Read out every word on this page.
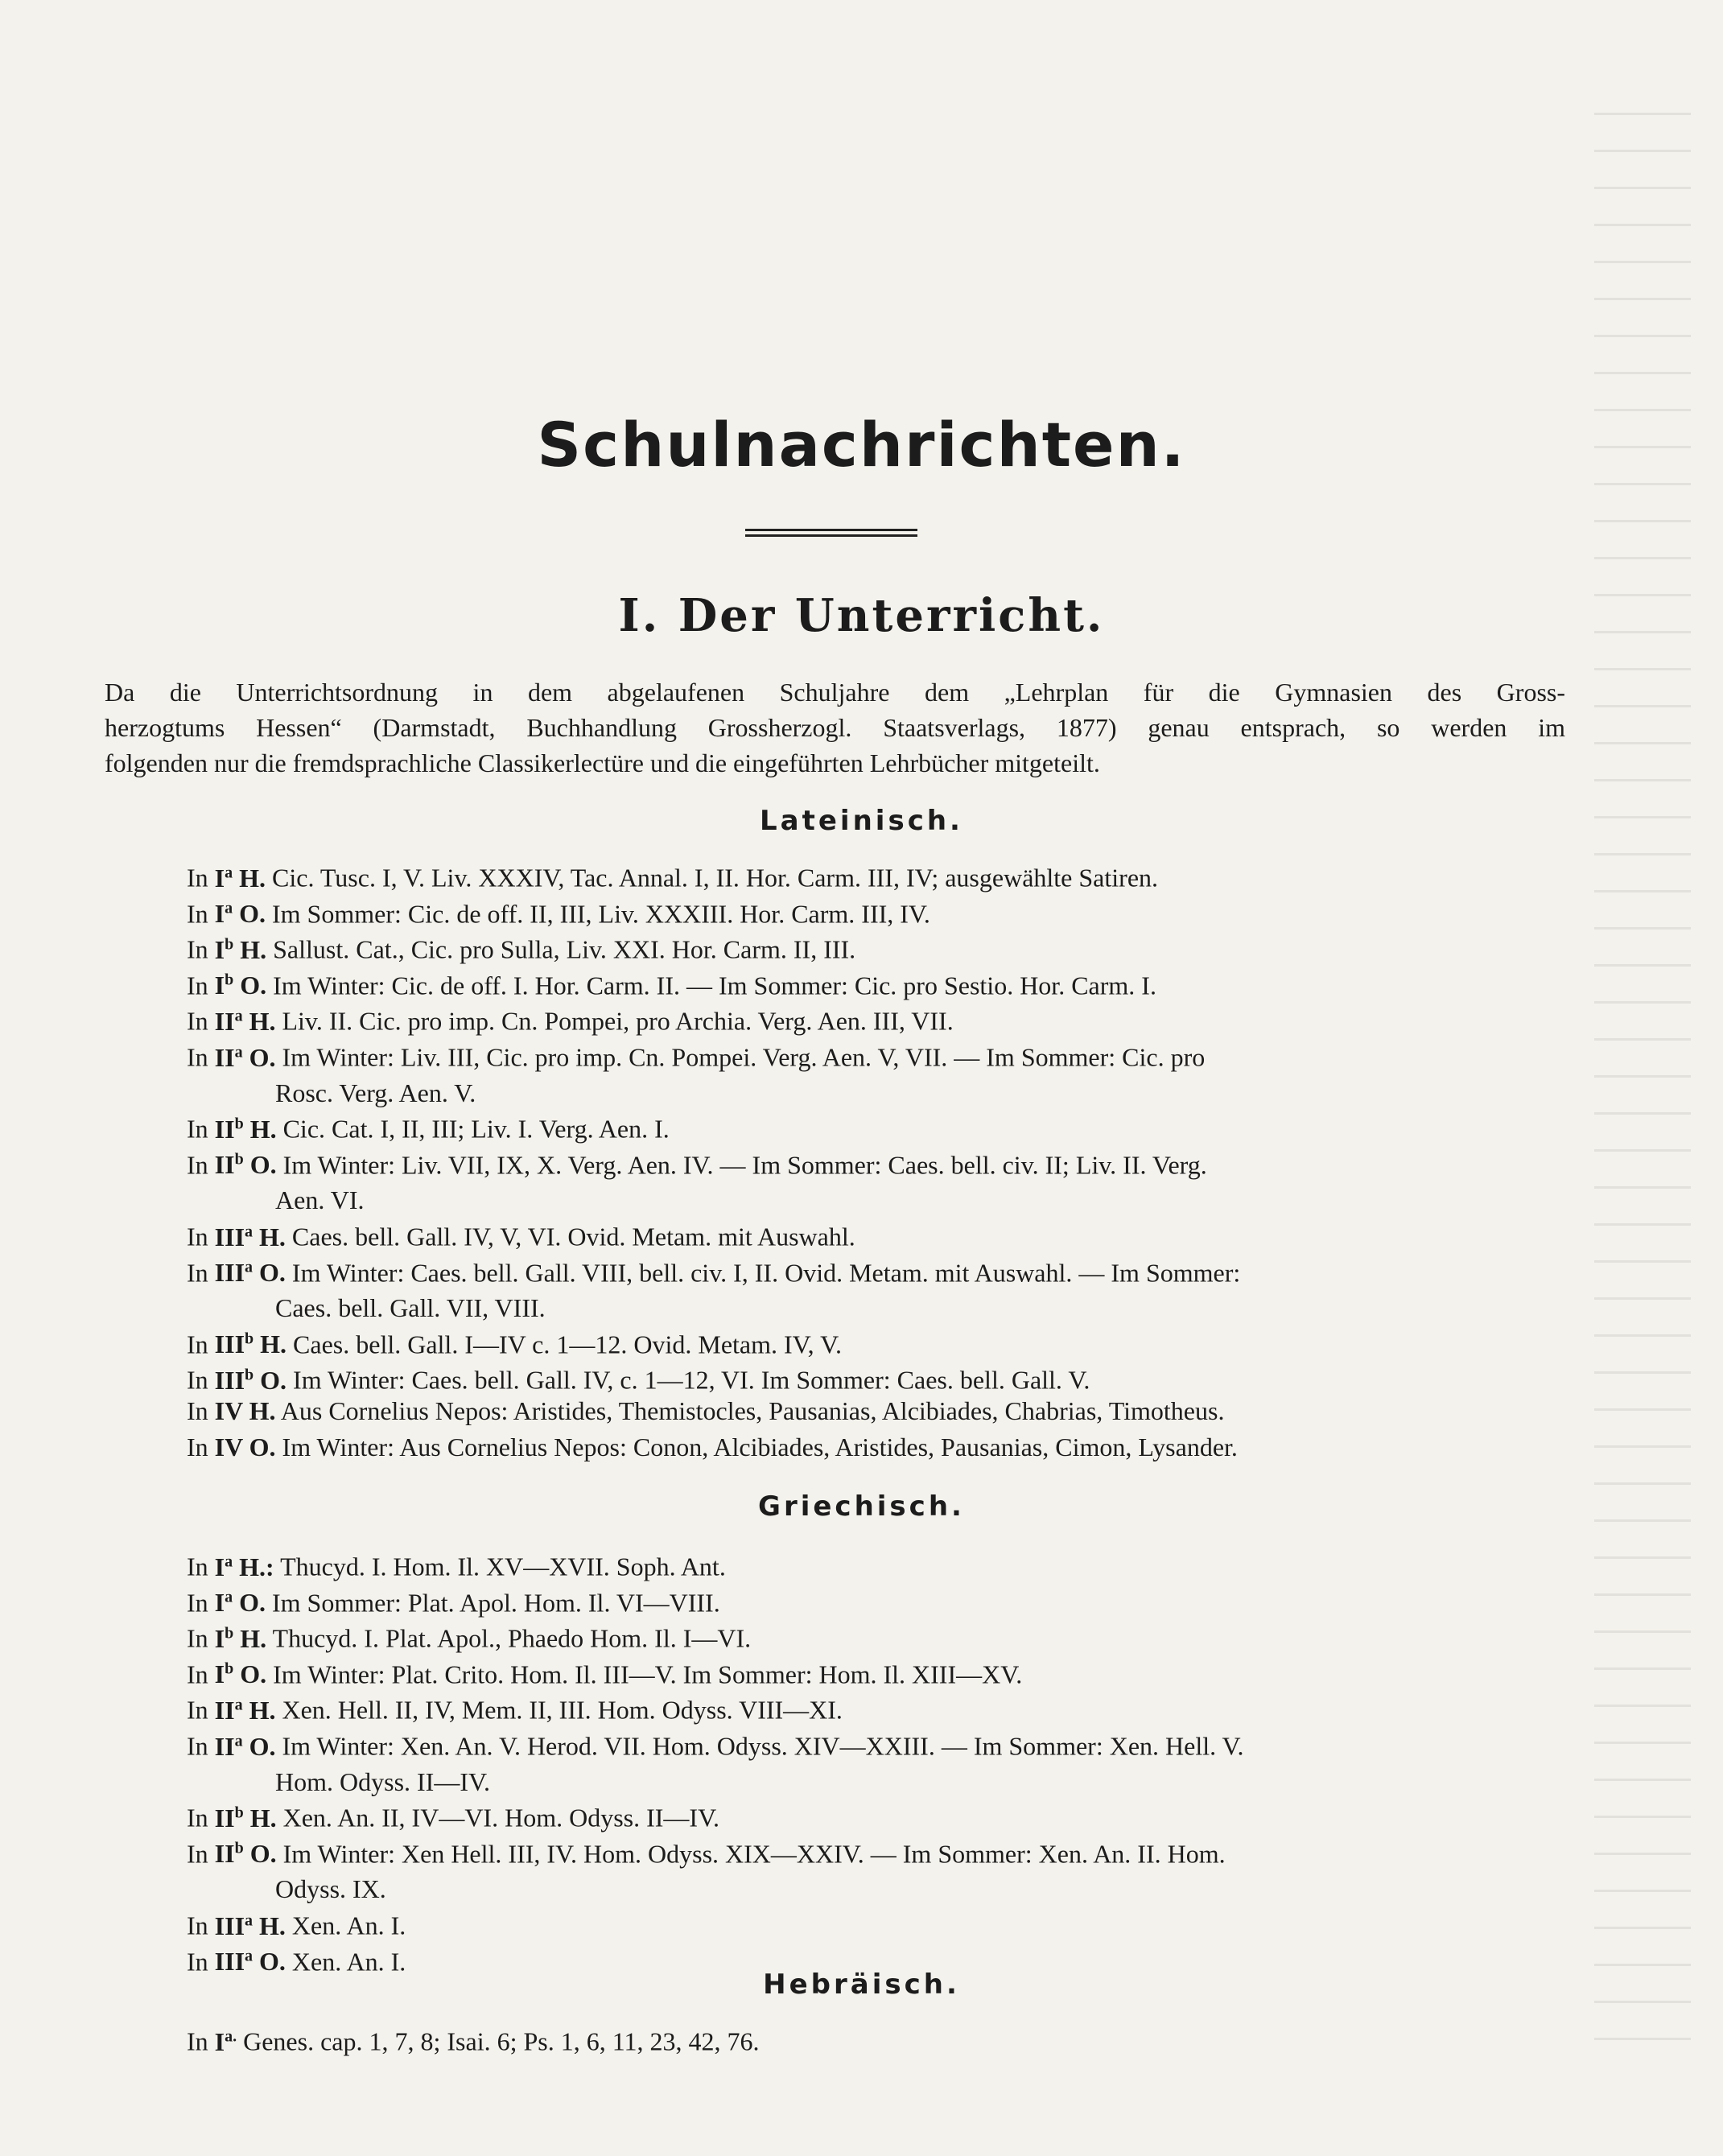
Schulnachrichten.
I. Der Unterricht.

Da die Unterrichtsordnung in dem abgelaufenen Schuljahre dem „Lehrplan für die Gymnasien des Gross-
herzogtums Hessen“ (Darmstadt, Buchhandlung Grossherzogl. Staatsverlags, 1877) genau entsprach, so werden im
folgenden nur die fremdsprachliche Classikerlectüre und die eingeführten Lehrbücher mitgeteilt.

Lateinisch.
In $I^a$ H. Cic. Tusc. I, V. Liv. XXXIV, Tac. Annal. I, II. Hor. Carm. III, IV; ausgewählte Satiren.
In $I^a$ O. Im Sommer: Cic. de off. II, III, Liv. XXXIII. Hor. Carm. III, IV.
In $I^b$ H. Sallust. Cat., Cic. pro Sulla, Liv. XXI. Hor. Carm. II, III.
In $I^b$ O. Im Winter: Cic. de off. I. Hor. Carm. II. — Im Sommer: Cic. pro Sestio. Hor. Carm. I.
In $II^a$ H. Liv. II. Cic. pro imp. Cn. Pompei, pro Archia. Verg. Aen. III, VII.
In $II^a$ O. Im Winter: Liv. III, Cic. pro imp. Cn. Pompei. Verg. Aen. V, VII. — Im Sommer: Cic. pro
Rosc. Verg. Aen. V.
In $II^b$ H. Cic. Cat. I, II, III; Liv. I. Verg. Aen. I.
In $II^b$ O. Im Winter: Liv. VII, IX, X. Verg. Aen. IV. — Im Sommer: Caes. bell. civ. II; Liv. II. Verg.
Aen. VI.
In III$^a$ H. Caes. bell. Gall. IV, V, VI. Ovid. Metam. mit Auswahl.
In III$^a$ O. Im Winter: Caes. bell. Gall. VIII, bell. civ. I, II. Ovid. Metam. mit Auswahl. — Im Sommer:
Caes. bell. Gall. VII, VIII.
In III$^b$ H. Caes. bell. Gall. I—IV c. 1—12. Ovid. Metam. IV, V.
In III$^b$ O. Im Winter: Caes. bell. Gall. IV, c. 1—12, VI. Im Sommer: Caes. bell. Gall. V.
In IV H. Aus Cornelius Nepos: Aristides, Themistocles, Pausanias, Alcibiades, Chabrias, Timotheus.
In IV O. Im Winter: Aus Cornelius Nepos: Conon, Alcibiades, Aristides, Pausanias, Cimon, Lysander.
Griechisch.
In $I^a$ H.: Thucyd. I. Hom. Il. XV—XVII. Soph. Ant.
In $I^a$ O. Im Sommer: Plat. Apol. Hom. Il. VI—VIII.
In $I^b$ H. Thucyd. I. Plat. Apol., Phaedo Hom. Il. I—VI.
In $I^b$ O. Im Winter: Plat. Crito. Hom. Il. III—V. Im Sommer: Hom. Il. XIII—XV.
In $II^a$ H. Xen. Hell. II, IV, Mem. II, III. Hom. Odyss. VIII—XI.
In $II^a$ O. Im Winter: Xen. An. V. Herod. VII. Hom. Odyss. XIV—XXIII. — Im Sommer: Xen. Hell. V.
Hom. Odyss. II—IV.
In $II^b$ H. Xen. An. II, IV—VI. Hom. Odyss. II—IV.
In $II^b$ O. Im Winter: Xen Hell. III, IV. Hom. Odyss. XIX—XXIV. — Im Sommer: Xen. An. II. Hom.
Odyss. IX.
In III$^a$ H. Xen. An. I.
In III$^a$ O. Xen. An. I.
Hebräisch.
In $I^{a.}$ Genes. cap. 1, 7, 8; Isai. 6; Ps. 1, 6, 11, 23, 42, 76.
